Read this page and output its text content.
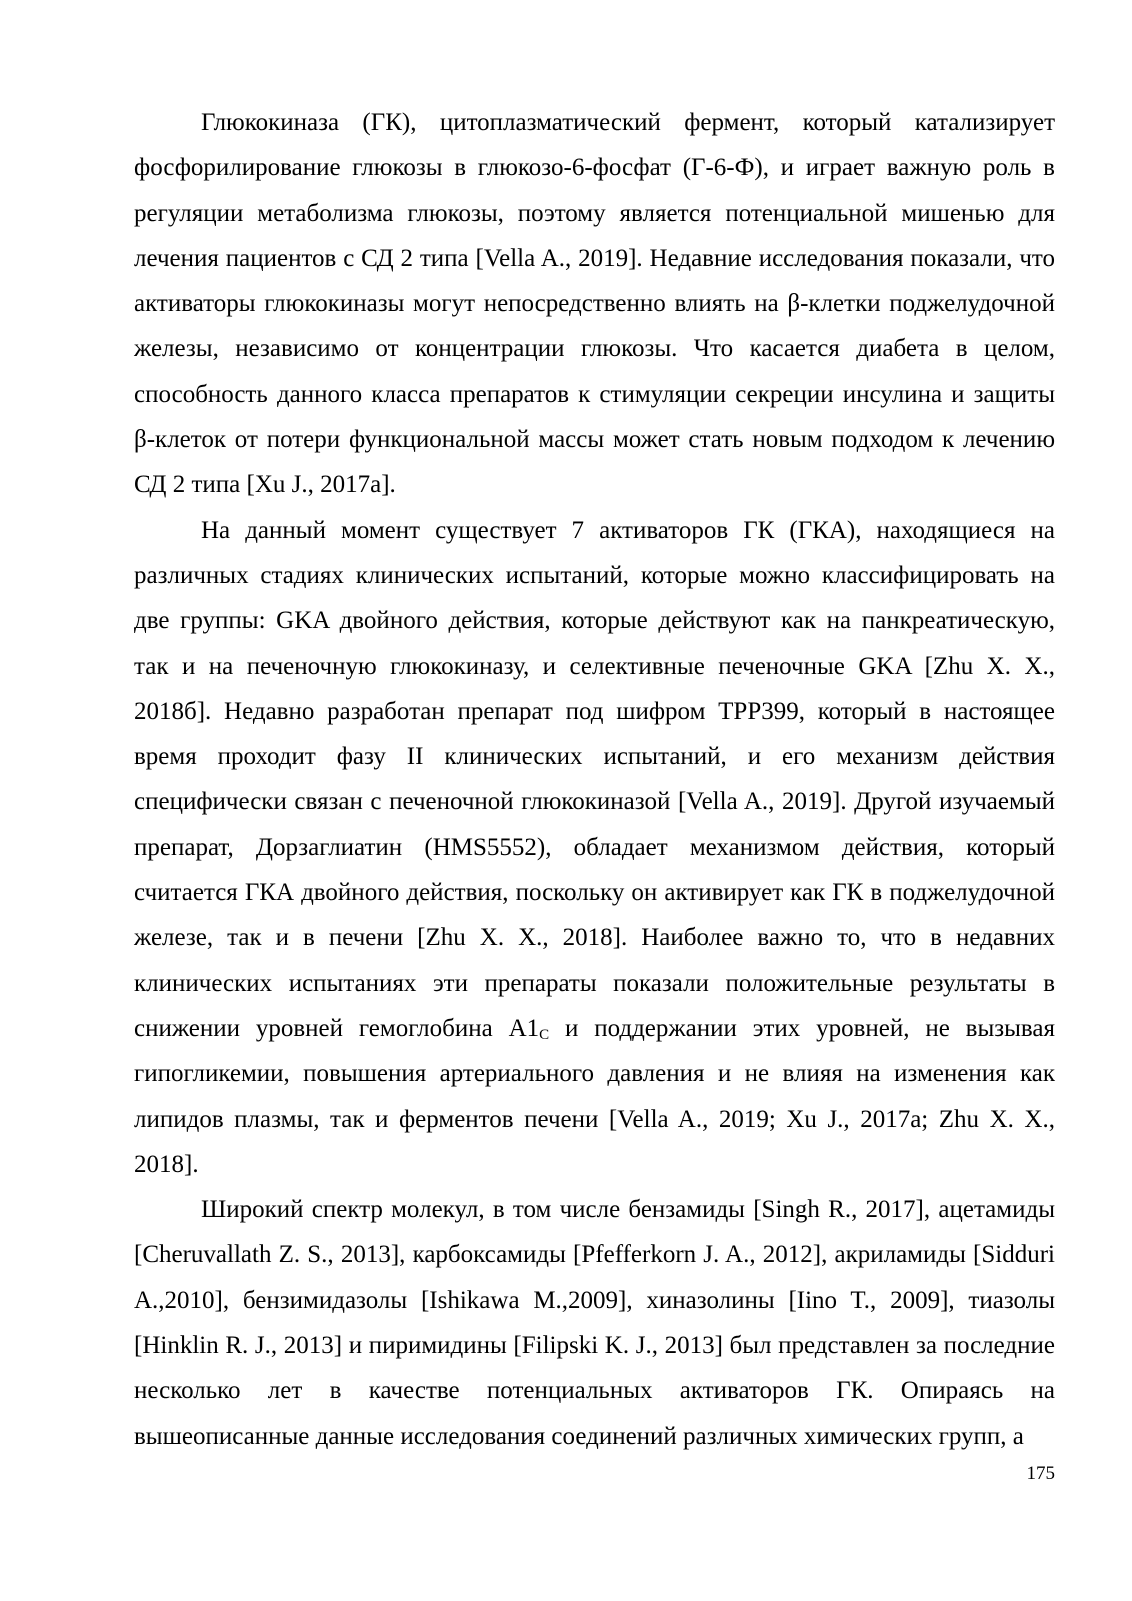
Глюкокиназа (ГК), цитоплазматический фермент, который катализирует фосфорилирование глюкозы в глюкозо-6-фосфат (Г-6-Ф), и играет важную роль в регуляции метаболизма глюкозы, поэтому является потенциальной мишенью для лечения пациентов с СД 2 типа [Vella A., 2019]. Недавние исследования показали, что активаторы глюкокиназы могут непосредственно влиять на β-клетки поджелудочной железы, независимо от концентрации глюкозы. Что касается диабета в целом, способность данного класса препаратов к стимуляции секреции инсулина и защиты β-клеток от потери функциональной массы может стать новым подходом к лечению СД 2 типа [Xu J., 2017a].

На данный момент существует 7 активаторов ГК (ГКА), находящиеся на различных стадиях клинических испытаний, которые можно классифицировать на две группы: GKA двойного действия, которые действуют как на панкреатическую, так и на печеночную глюкокиназу, и селективные печеночные GKA [Zhu X. X., 2018б]. Недавно разработан препарат под шифром TPP399, который в настоящее время проходит фазу II клинических испытаний, и его механизм действия специфически связан с печеночной глюкокиназой [Vella A., 2019]. Другой изучаемый препарат, Дорзаглиатин (HMS5552), обладает механизмом действия, который считается ГКА двойного действия, поскольку он активирует как ГК в поджелудочной железе, так и в печени [Zhu X. X., 2018]. Наиболее важно то, что в недавних клинических испытаниях эти препараты показали положительные результаты в снижении уровней гемоглобина $A1_C$ и поддержании этих уровней, не вызывая гипогликемии, повышения артериального давления и не влияя на изменения как липидов плазмы, так и ферментов печени [Vella A., 2019; Xu J., 2017a; Zhu X. X., 2018].

Широкий спектр молекул, в том числе бензамиды [Singh R., 2017], ацетамиды [Cheruvallath Z. S., 2013], карбоксамиды [Pfefferkorn J. A., 2012], акриламиды [Sidduri A.,2010], бензимидазолы [Ishikawa M.,2009], хиназолины [Iino T., 2009], тиазолы [Hinklin R. J., 2013] и пиримидины [Filipski K. J., 2013] был представлен за последние несколько лет в качестве потенциальных активаторов ГК. Опираясь на вышеописанные данные исследования соединений различных химических групп, а

175
